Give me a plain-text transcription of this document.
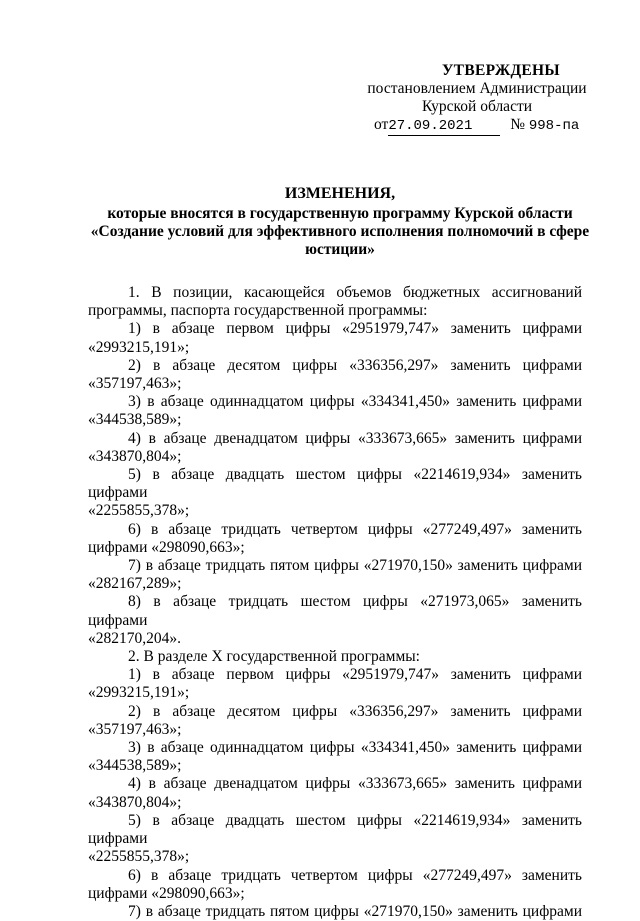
УТВЕРЖДЕНЫ
постановлением Администрации
Курской области
от27.09.2021 № 998-па
ИЗМЕНЕНИЯ,
которые вносятся в государственную программу Курской области
«Создание условий для эффективного исполнения полномочий в сфере юстиции»

1. В позиции, касающейся объемов бюджетных ассигнований

программы, паспорта государственной программы:

1) в абзаце первом цифры «2951979,747» заменить цифрами

«2993215,191»;

2) в абзаце десятом цифры «336356,297» заменить цифрами

«357197,463»;

3) в абзаце одиннадцатом цифры «334341,450» заменить цифрами

«344538,589»;

4) в абзаце двенадцатом цифры «333673,665» заменить цифрами

«343870,804»;

5) в абзаце двадцать шестом цифры «2214619,934» заменить цифрами

«2255855,378»;

6) в абзаце тридцать четвертом цифры «277249,497» заменить

цифрами «298090,663»;

7) в абзаце тридцать пятом цифры «271970,150» заменить цифрами

«282167,289»;

8) в абзаце тридцать шестом цифры «271973,065» заменить цифрами

«282170,204».

2. В разделе X государственной программы:

1) в абзаце первом цифры «2951979,747» заменить цифрами

«2993215,191»;

2) в абзаце десятом цифры «336356,297» заменить цифрами

«357197,463»;

3) в абзаце одиннадцатом цифры «334341,450» заменить цифрами

«344538,589»;

4) в абзаце двенадцатом цифры «333673,665» заменить цифрами

«343870,804»;

5) в абзаце двадцать шестом цифры «2214619,934» заменить цифрами

«2255855,378»;

6) в абзаце тридцать четвертом цифры «277249,497» заменить

цифрами «298090,663»;

7) в абзаце тридцать пятом цифры «271970,150» заменить цифрами
